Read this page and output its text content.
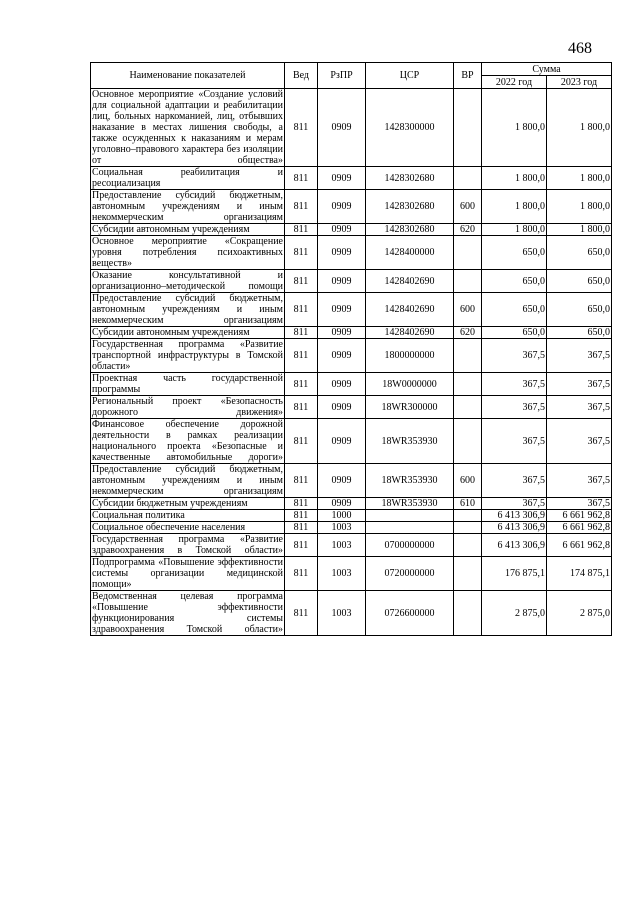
468
Наименование показателей	Вед	РзПР	ЦСР	ВР	Сумма	
					2022 год	2023 год
Основное мероприятие «Создание условий для социальной адаптации и реабилитации лиц, больных наркоманией, лиц, отбывших наказание в местах лишения свободы, а также осужденных к наказаниям и мерам уголовно–правового характера без изоляции от общества»	811	0909	1428300000		1 800,0	1 800,0
Социальная реабилитация и ресоциализация	811	0909	1428302680		1 800,0	1 800,0
Предоставление субсидий бюджетным, автономным учреждениям и иным некоммерческим организациям	811	0909	1428302680	600	1 800,0	1 800,0
Субсидии автономным учреждениям	811	0909	1428302680	620	1 800,0	1 800,0
Основное мероприятие «Сокращение уровня потребления психоактивных веществ»	811	0909	1428400000		650,0	650,0
Оказание консультативной и организационно–методической помощи	811	0909	1428402690		650,0	650,0
Предоставление субсидий бюджетным, автономным учреждениям и иным некоммерческим организациям	811	0909	1428402690	600	650,0	650,0
Субсидии автономным учреждениям	811	0909	1428402690	620	650,0	650,0
Государственная программа «Развитие транспортной инфраструктуры в Томской области»	811	0909	1800000000		367,5	367,5
Проектная часть государственной программы	811	0909	18W0000000		367,5	367,5
Региональный проект «Безопасность дорожного движения»	811	0909	18WR300000		367,5	367,5
Финансовое обеспечение дорожной деятельности в рамках реализации национального проекта «Безопасные и качественные автомобильные дороги»	811	0909	18WR353930		367,5	367,5
Предоставление субсидий бюджетным, автономным учреждениям и иным некоммерческим организациям	811	0909	18WR353930	600	367,5	367,5
Субсидии бюджетным учреждениям	811	0909	18WR353930	610	367,5	367,5
Социальная политика	811	1000			6 413 306,9	6 661 962,8
Социальное обеспечение населения	811	1003			6 413 306,9	6 661 962,8
Государственная программа «Развитие здравоохранения в Томской области»	811	1003	0700000000		6 413 306,9	6 661 962,8
Подпрограмма «Повышение эффективности системы организации медицинской помощи»	811	1003	0720000000		176 875,1	174 875,1
Ведомственная целевая программа «Повышение эффективности функционирования системы здравоохранения Томской области»	811	1003	0726600000		2 875,0	2 875,0
